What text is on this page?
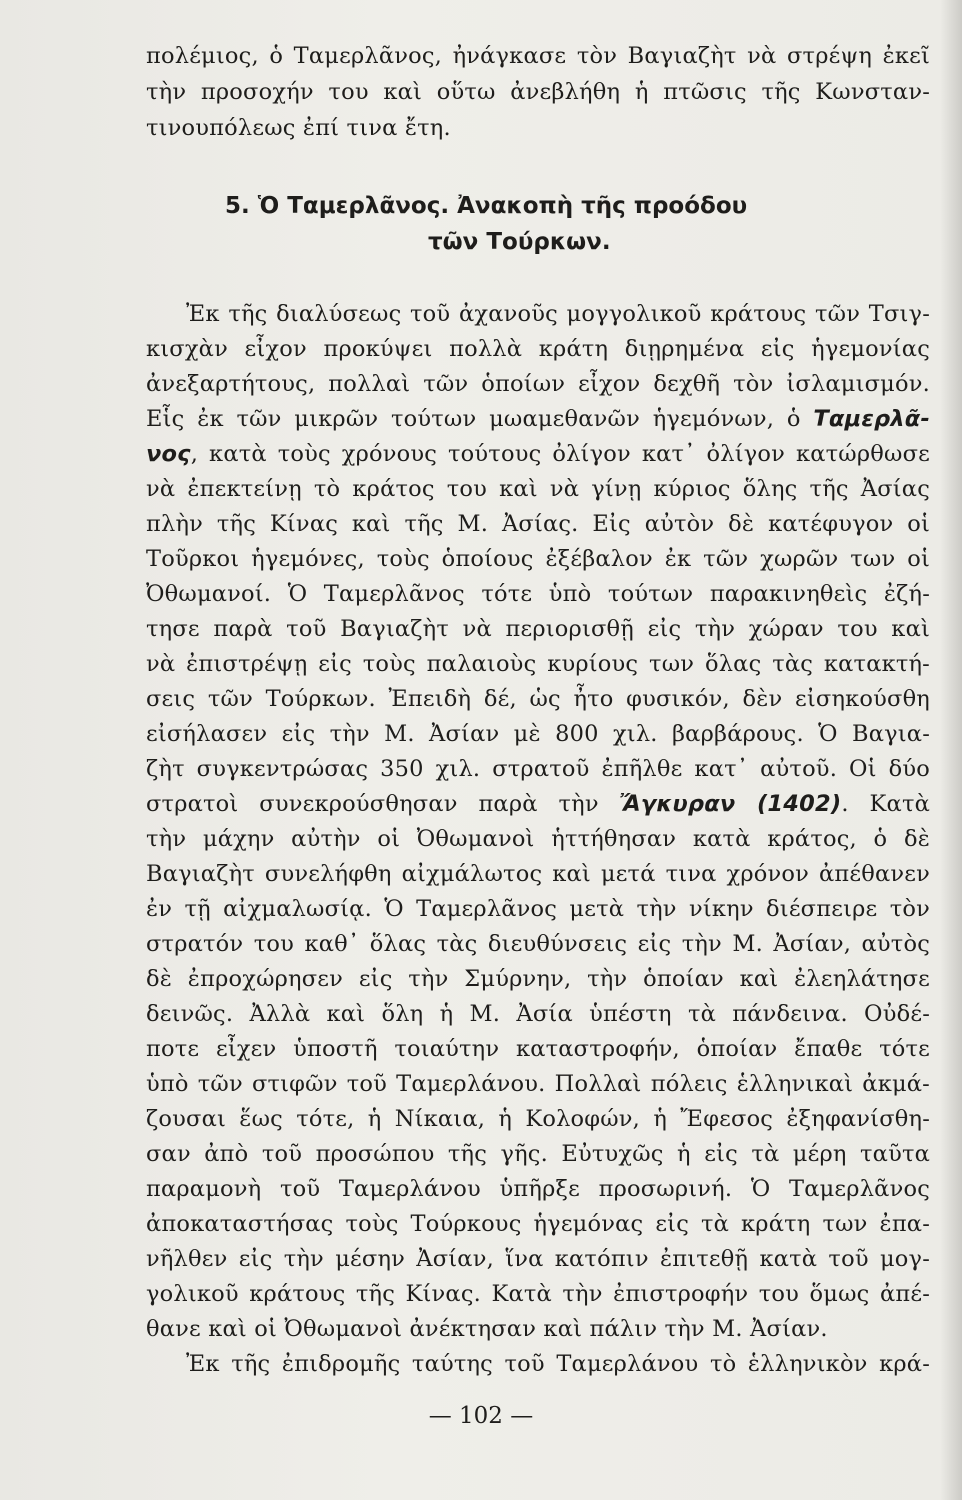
πολέμιος, ὁ Ταμερλᾶνος, ἠνάγκασε τὸν Βαγιαζὴτ νὰ στρέψη ἐκεῖ
τὴν προσοχήν του καὶ οὕτω ἀνεβλήθη ἡ πτῶσις τῆς Κωνσταν-
τινουπόλεως ἐπί τινα ἔτη.
5. Ὁ Ταμερλᾶνος. Ἀνακοπὴ τῆς προόδου
τῶν Τούρκων.
Ἐκ τῆς διαλύσεως τοῦ ἀχανοῦς μογγολικοῦ κράτους τῶν Τσιγ-
κισχὰν εἶχον προκύψει πολλὰ κράτη διῃρημένα εἰς ἡγεμονίας
ἀνεξαρτήτους, πολλαὶ τῶν ὁποίων εἶχον δεχθῆ τὸν ἰσλαμισμόν.
Εἷς ἐκ τῶν μικρῶν τούτων μωαμεθανῶν ἡγεμόνων, ὁ Ταμερλᾶ-
νος, κατὰ τοὺς χρόνους τούτους ὀλίγον κατ᾿ ὀλίγον κατώρθωσε
νὰ ἐπεκτείνῃ τὸ κράτος του καὶ νὰ γίνῃ κύριος ὅλης τῆς Ἀσίας
πλὴν τῆς Κίνας καὶ τῆς Μ. Ἀσίας. Εἰς αὐτὸν δὲ κατέφυγον οἱ
Τοῦρκοι ἡγεμόνες, τοὺς ὁποίους ἐξέβαλον ἐκ τῶν χωρῶν των οἱ
Ὀθωμανοί. Ὁ Ταμερλᾶνος τότε ὑπὸ τούτων παρακινηθεὶς ἐζή-
τησε παρὰ τοῦ Βαγιαζὴτ νὰ περιορισθῇ εἰς τὴν χώραν του καὶ
νὰ ἐπιστρέψῃ εἰς τοὺς παλαιοὺς κυρίους των ὅλας τὰς κατακτή-
σεις τῶν Τούρκων. Ἐπειδὴ δέ, ὡς ἦτο φυσικόν, δὲν εἰσηκούσθη
εἰσήλασεν εἰς τὴν Μ. Ἀσίαν μὲ 800 χιλ. βαρβάρους. Ὁ Βαγια-
ζὴτ συγκεντρώσας 350 χιλ. στρατοῦ ἐπῆλθε κατ᾿ αὐτοῦ. Οἱ δύο
στρατοὶ συνεκρούσθησαν παρὰ τὴν Ἄγκυραν (1402). Κατὰ
τὴν μάχην αὐτὴν οἱ Ὀθωμανοὶ ἡττήθησαν κατὰ κράτος, ὁ δὲ
Βαγιαζὴτ συνελήφθη αἰχμάλωτος καὶ μετά τινα χρόνον ἀπέθανεν
ἐν τῇ αἰχμαλωσίᾳ. Ὁ Ταμερλᾶνος μετὰ τὴν νίκην διέσπειρε τὸν
στρατόν του καθ᾿ ὅλας τὰς διευθύνσεις εἰς τὴν Μ. Ἀσίαν, αὐτὸς
δὲ ἐπροχώρησεν εἰς τὴν Σμύρνην, τὴν ὁποίαν καὶ ἐλεηλάτησε
δεινῶς. Ἀλλὰ καὶ ὅλη ἡ Μ. Ἀσία ὑπέστη τὰ πάνδεινα. Οὐδέ-
ποτε εἶχεν ὑποστῆ τοιαύτην καταστροφήν, ὁποίαν ἔπαθε τότε
ὑπὸ τῶν στιφῶν τοῦ Ταμερλάνου. Πολλαὶ πόλεις ἑλληνικαὶ ἀκμά-
ζουσαι ἕως τότε, ἡ Νίκαια, ἡ Κολοφών, ἡ Ἔφεσος ἐξηφανίσθη-
σαν ἀπὸ τοῦ προσώπου τῆς γῆς. Εὐτυχῶς ἡ εἰς τὰ μέρη ταῦτα
παραμονὴ τοῦ Ταμερλάνου ὑπῆρξε προσωρινή. Ὁ Ταμερλᾶνος
ἀποκαταστήσας τοὺς Τούρκους ἡγεμόνας εἰς τὰ κράτη των ἐπα-
νῆλθεν εἰς τὴν μέσην Ἀσίαν, ἵνα κατόπιν ἐπιτεθῇ κατὰ τοῦ μογ-
γολικοῦ κράτους τῆς Κίνας. Κατὰ τὴν ἐπιστροφήν του ὅμως ἀπέ-
θανε καὶ οἱ Ὀθωμανοὶ ἀνέκτησαν καὶ πάλιν τὴν Μ. Ἀσίαν.
Ἐκ τῆς ἐπιδρομῆς ταύτης τοῦ Ταμερλάνου τὸ ἑλληνικὸν κρά-
— 102 —
